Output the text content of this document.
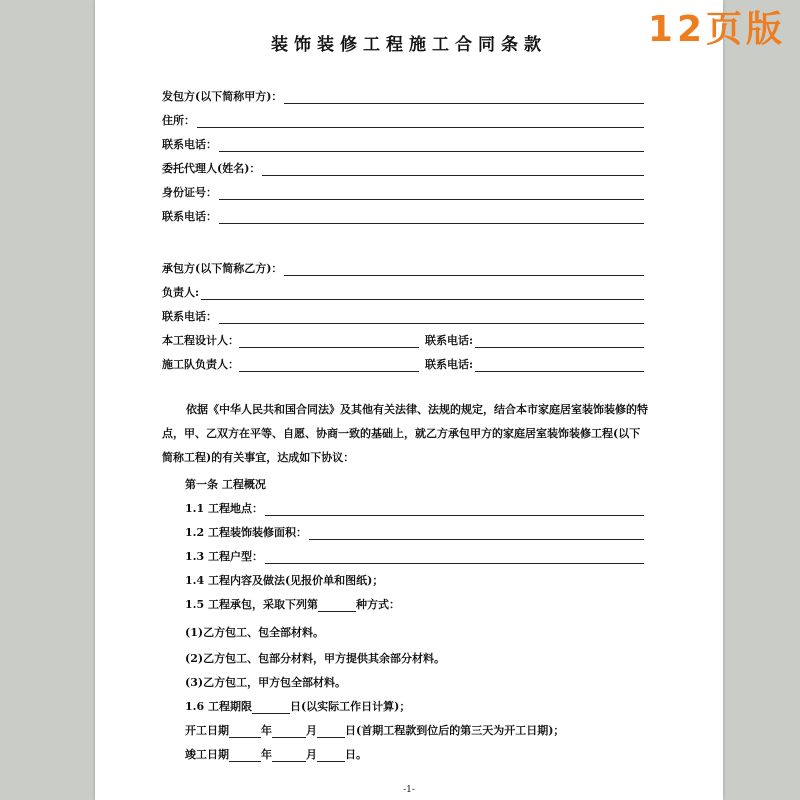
12页版
装饰装修工程施工合同条款
发包方(以下简称甲方)：
住所：
联系电话：
委托代理人(姓名)：
身份证号：
联系电话：
承包方(以下简称乙方)：
负责人:
联系电话：
本工程设计人：	联系电话:
施工队负责人：	联系电话:

依据《中华人民共和国合同法》及其他有关法律、法规的规定，结合本市家庭居室装饰装修的特点，甲、乙双方在平等、自愿、协商一致的基础上，就乙方承包甲方的家庭居室装饰装修工程(以下简称工程)的有关事宜，达成如下协议：

第一条 工程概况
1.1 工程地点：
1.2 工程装饰装修面积：
1.3 工程户型：
1.4 工程内容及做法(见报价单和图纸)；
1.5 工程承包，采取下列第	种方式：
(1)乙方包工、包全部材料。
(2)乙方包工、包部分材料，甲方提供其余部分材料。
(3)乙方包工，甲方包全部材料。
1.6 工程期限	日(以实际工作日计算)；
开工日期	年	月	日(首期工程款到位后的第三天为开工日期)；
竣工日期	年	月	日。
-1-
